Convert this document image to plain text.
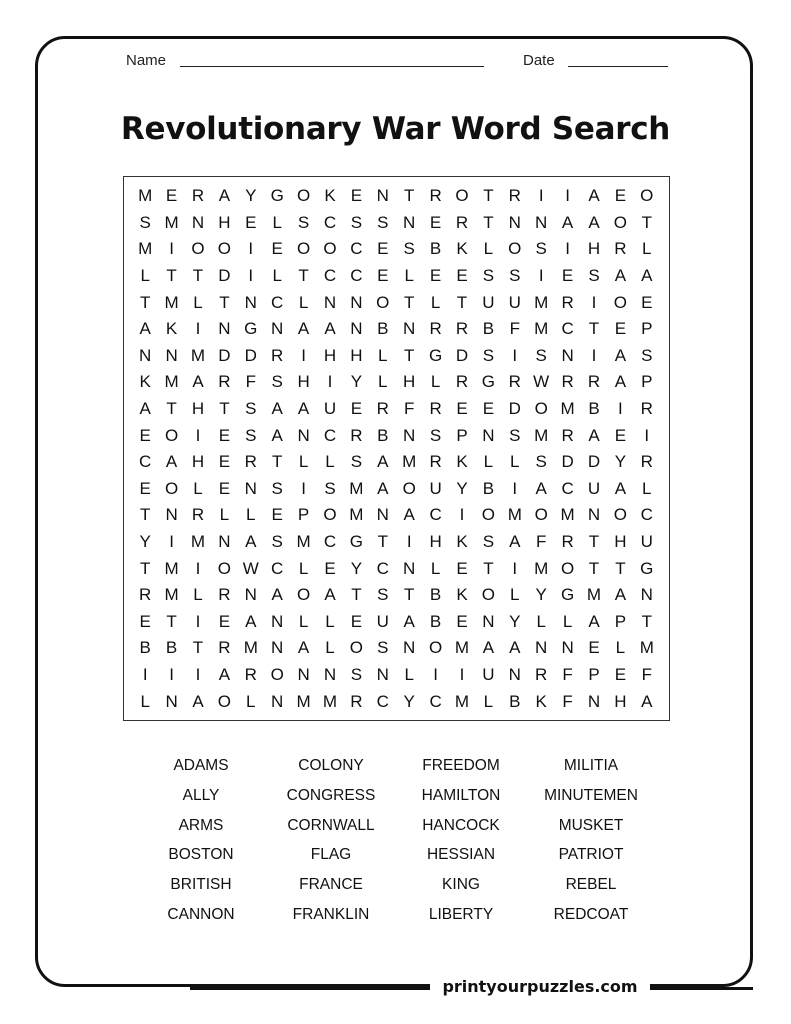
Name	Date
Revolutionary War Word Search
M E R A Y G O K E N T R O T R	I	I	A E O
S M N H E L S C S S N E R T N N A A O T
M I	O O	I	E O O C E S B K L O S	I	H R L
L T T D	I	L T C C E L E E S S	I	E S A A
T M L T N C L N N O T L T U U M R	I	O E
A K	I	N G N A A N B N R R B F M C T E P
N N M D D R	I	H H L T G D S	I	S N	I	A S
K M A R F S H	I	Y L H L R G R W R R A P
A T H T S A A U E R F R E E D O M B	I	R
E O	I	E S A N C R B N S P N S M R A E	I
C A H E R T L L S A M R K L L S D D Y R
E O L E N S	I	S M A O U Y B	I	A C U A L
T N R L L E P O M N A C	I	O M O M N O C
Y	I M N A S M C G T	I	H K S A F R T H U
T M I	O W C L E Y C N L E T	I M O T T G
R M L R N A O A T S T B K O L Y G M A N
E T	I	E A N L L E U A B E N Y L L A P T
B B T R M N A L O S N O M A A N N E L M
I	I	I	A R O N N S N L	I	I	U N R F P E F
L N A O L N M M R C Y C M L B K F N H A
ADAMS	COLONY	FREEDOM	MILITIA
ALLY	CONGRESS	HAMILTON	MINUTEMEN
ARMS	CORNWALL	HANCOCK	MUSKET
BOSTON	FLAG	HESSIAN	PATRIOT
BRITISH	FRANCE	KING	REBEL
CANNON	FRANKLIN	LIBERTY	REDCOAT
printyourpuzzles.com
